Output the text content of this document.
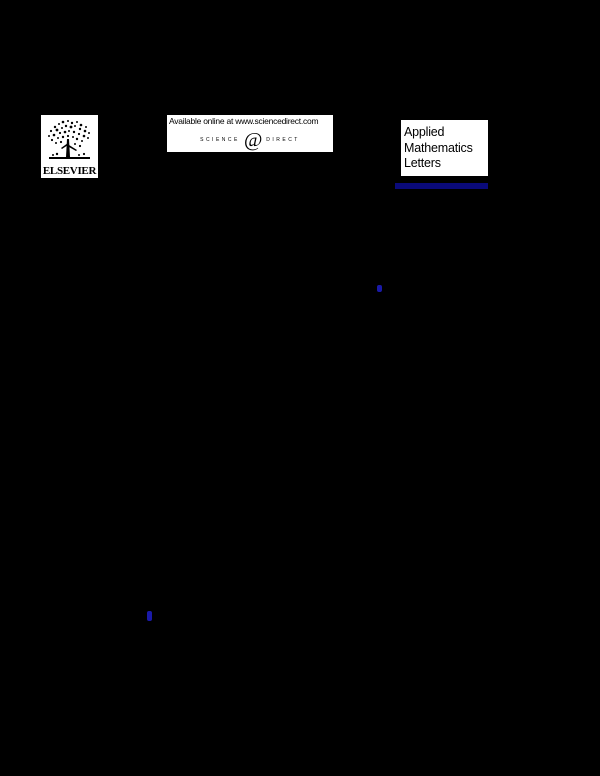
ELSEVIER
Available online at www.sciencedirect.com
SCIENCE @ DIRECT
Applied
Mathematics
Letters
